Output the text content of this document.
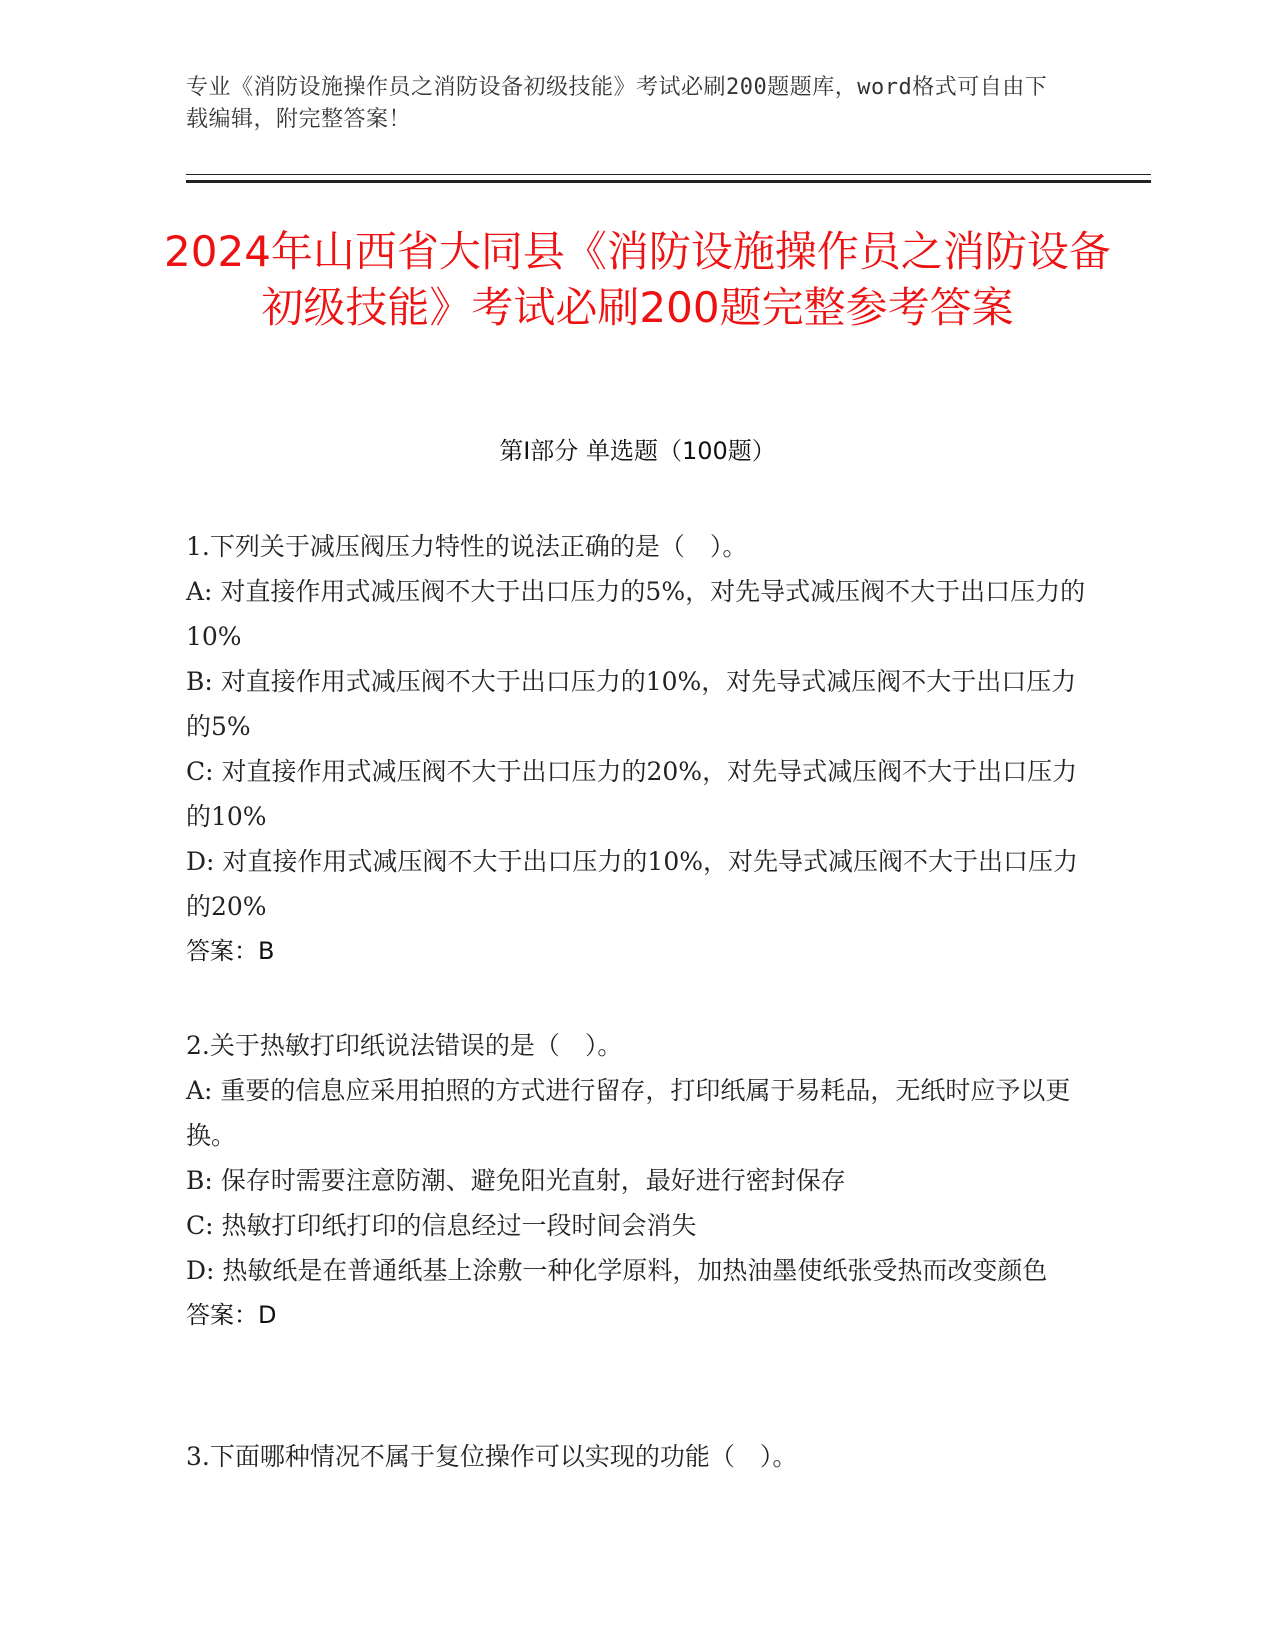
专业《消防设施操作员之消防设备初级技能》考试必刷200题题库，word格式可自由下载编辑，附完整答案！
2024年山西省大同县《消防设施操作员之消防设备初级技能》考试必刷200题完整参考答案
第I部分 单选题（100题）
1.下列关于减压阀压力特性的说法正确的是（　）。
A: 对直接作用式减压阀不大于出口压力的5%，对先导式减压阀不大于出口压力的10%
B: 对直接作用式减压阀不大于出口压力的10%，对先导式减压阀不大于出口压力的5%
C: 对直接作用式减压阀不大于出口压力的20%，对先导式减压阀不大于出口压力的10%
D: 对直接作用式减压阀不大于出口压力的10%，对先导式减压阀不大于出口压力的20%
答案：B
2.关于热敏打印纸说法错误的是（　）。
A: 重要的信息应采用拍照的方式进行留存，打印纸属于易耗品，无纸时应予以更换。
B: 保存时需要注意防潮、避免阳光直射，最好进行密封保存
C: 热敏打印纸打印的信息经过一段时间会消失
D: 热敏纸是在普通纸基上涂敷一种化学原料，加热油墨使纸张受热而改变颜色
答案：D
3.下面哪种情况不属于复位操作可以实现的功能（　）。
